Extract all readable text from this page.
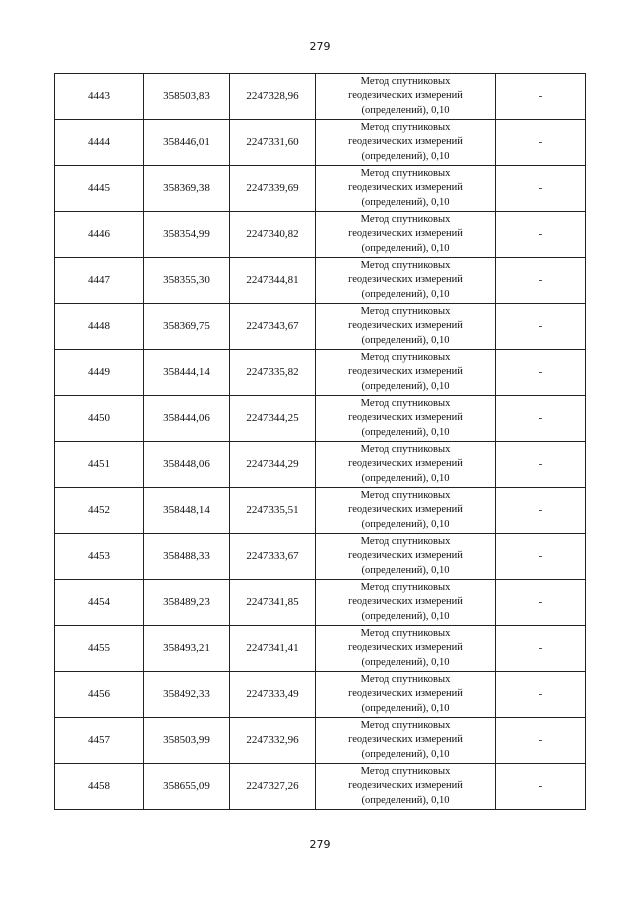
279
4443	358503,83	2247328,96	Метод спутниковых
геодезических измерений
(определений), 0,10	-
4444	358446,01	2247331,60	Метод спутниковых
геодезических измерений
(определений), 0,10	-
4445	358369,38	2247339,69	Метод спутниковых
геодезических измерений
(определений), 0,10	-
4446	358354,99	2247340,82	Метод спутниковых
геодезических измерений
(определений), 0,10	-
4447	358355,30	2247344,81	Метод спутниковых
геодезических измерений
(определений), 0,10	-
4448	358369,75	2247343,67	Метод спутниковых
геодезических измерений
(определений), 0,10	-
4449	358444,14	2247335,82	Метод спутниковых
геодезических измерений
(определений), 0,10	-
4450	358444,06	2247344,25	Метод спутниковых
геодезических измерений
(определений), 0,10	-
4451	358448,06	2247344,29	Метод спутниковых
геодезических измерений
(определений), 0,10	-
4452	358448,14	2247335,51	Метод спутниковых
геодезических измерений
(определений), 0,10	-
4453	358488,33	2247333,67	Метод спутниковых
геодезических измерений
(определений), 0,10	-
4454	358489,23	2247341,85	Метод спутниковых
геодезических измерений
(определений), 0,10	-
4455	358493,21	2247341,41	Метод спутниковых
геодезических измерений
(определений), 0,10	-
4456	358492,33	2247333,49	Метод спутниковых
геодезических измерений
(определений), 0,10	-
4457	358503,99	2247332,96	Метод спутниковых
геодезических измерений
(определений), 0,10	-
4458	358655,09	2247327,26	Метод спутниковых
геодезических измерений
(определений), 0,10	-
279
